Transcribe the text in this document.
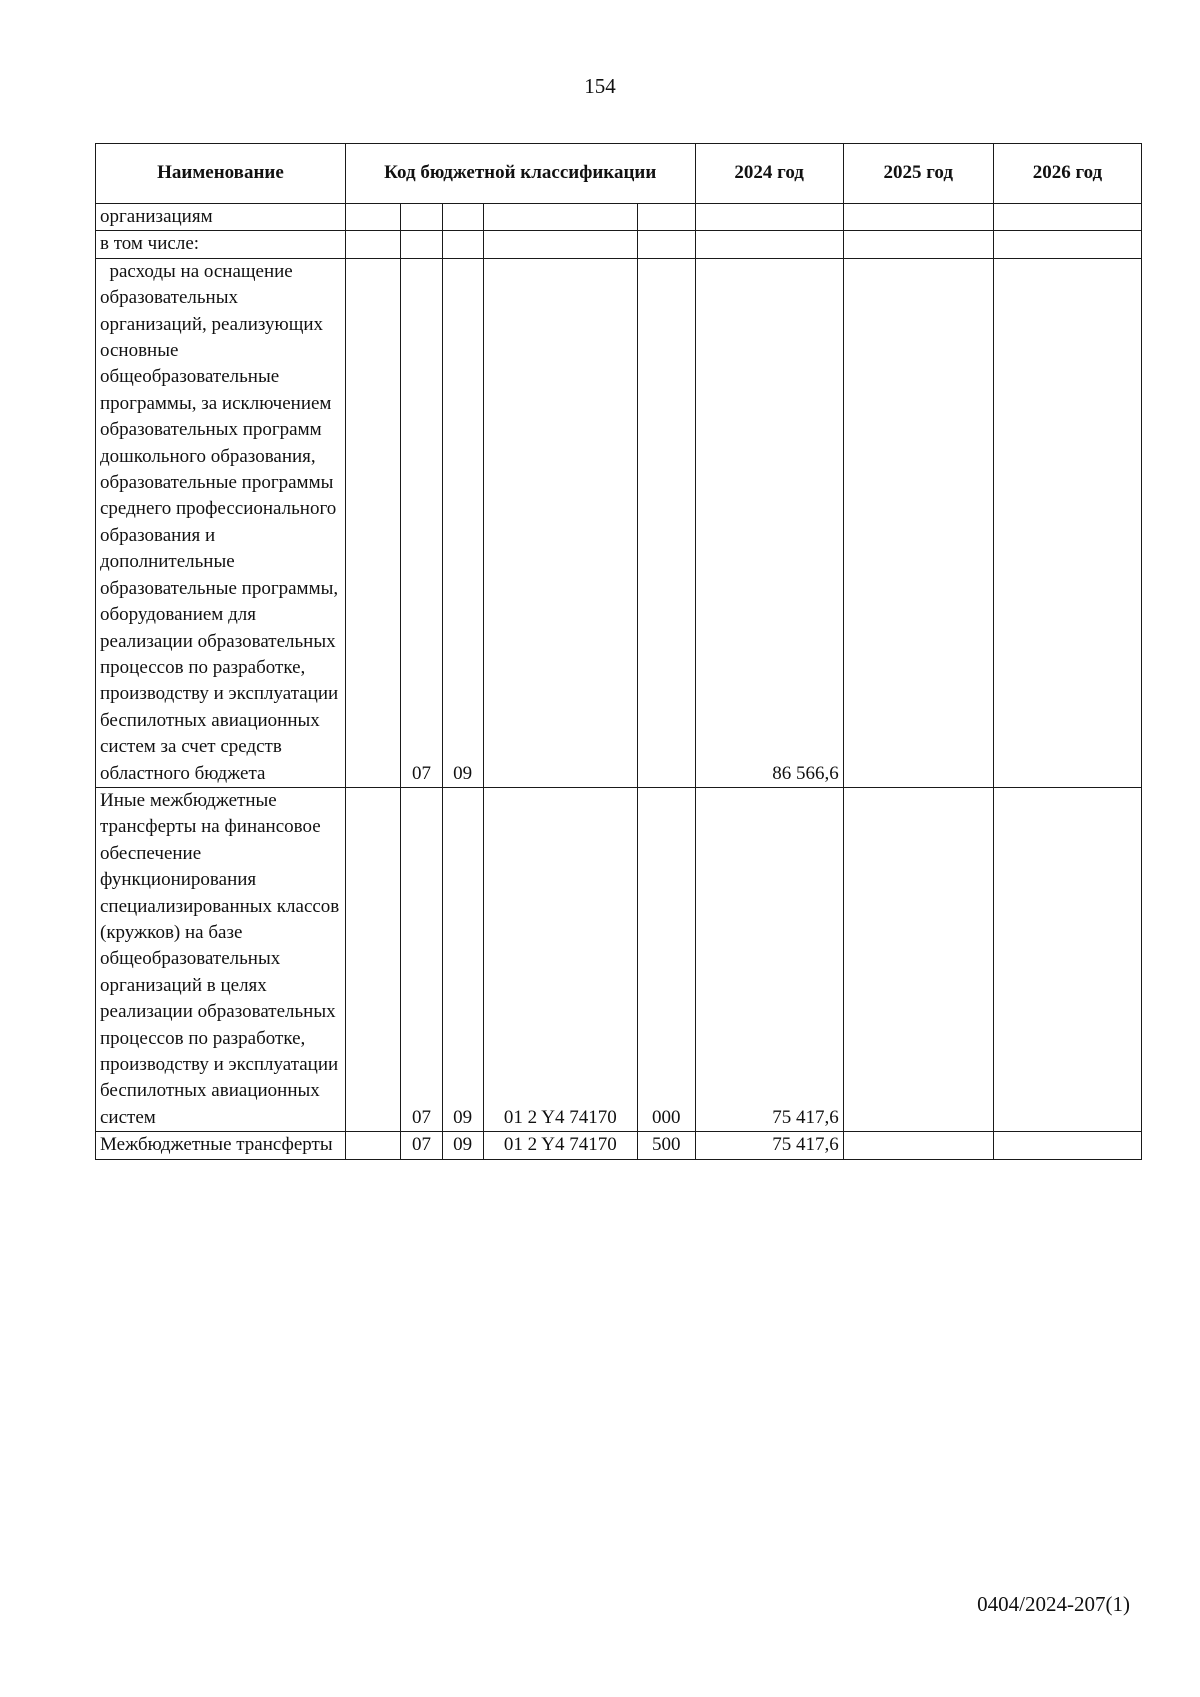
154
Наименование	Код бюджетной классификации					2024 год	2025 год	2026 год
организациям								
в том числе:								
расходы на оснащение образовательных организаций, реализующих основные общеобразовательные программы, за исключением образовательных программ дошкольного образования, образовательные программы среднего профессионального образования и дополнительные образовательные программы, оборудованием для реализации образовательных процессов по разработке, производству и эксплуатации беспилотных авиационных систем за счет средств областного бюджета		07	09			86 566,6		
Иные межбюджетные трансферты на финансовое обеспечение функционирования специализированных классов (кружков) на базе общеобразовательных организаций в целях реализации образовательных процессов по разработке, производству и эксплуатации беспилотных авиационных систем		07	09	01 2 Y4 74170	000	75 417,6		
Межбюджетные трансферты		07	09	01 2 Y4 74170	500	75 417,6		
0404/2024-207(1)
